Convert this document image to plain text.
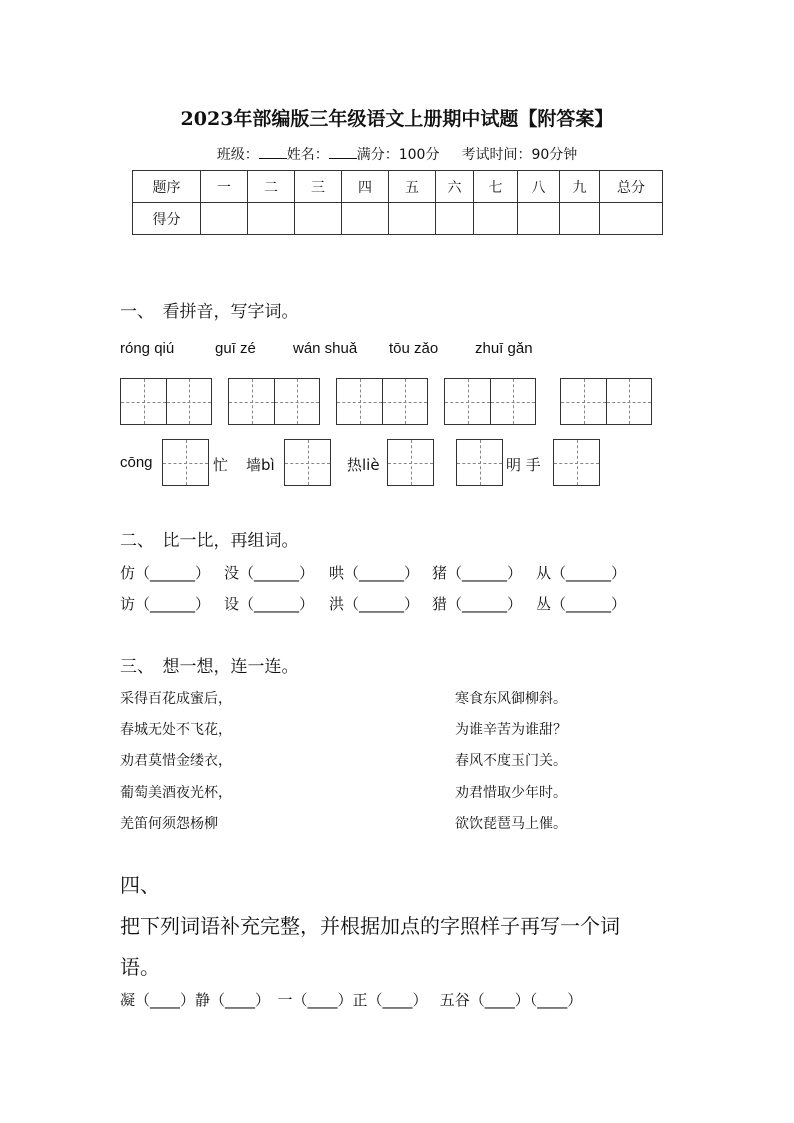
2023年部编版三年级语文上册期中试题【附答案】
班级： 姓名： 满分：100分 考试时间：90分钟
题序	一	二	三	四	五	六	七	八	九	总分
得分										
一、　看拼音，写字词。
róng qiú	guī zé wán shuǎ tōu zǎo zhuī gǎn
cōng	忙 墙bì	热liè	明 手
二、　比一比，再组词。
仿（______） 没（______） 哄（______） 猪（______） 从（______）
访（______） 设（______） 洪（______） 猎（______） 丛（______）
三、　想一想，连一连。
采得百花成蜜后，
春城无处不飞花，
劝君莫惜金缕衣，
葡萄美酒夜光杯，
羌笛何须怨杨柳
寒食东风御柳斜。
为谁辛苦为谁甜？
春风不度玉门关。
劝君惜取少年时。
欲饮琵琶马上催。
四、
把下列词语补充完整，并根据加点的字照样子再写一个词
语。
凝（____）静（____）　一（____）正（____）　 五谷（____）（____）
